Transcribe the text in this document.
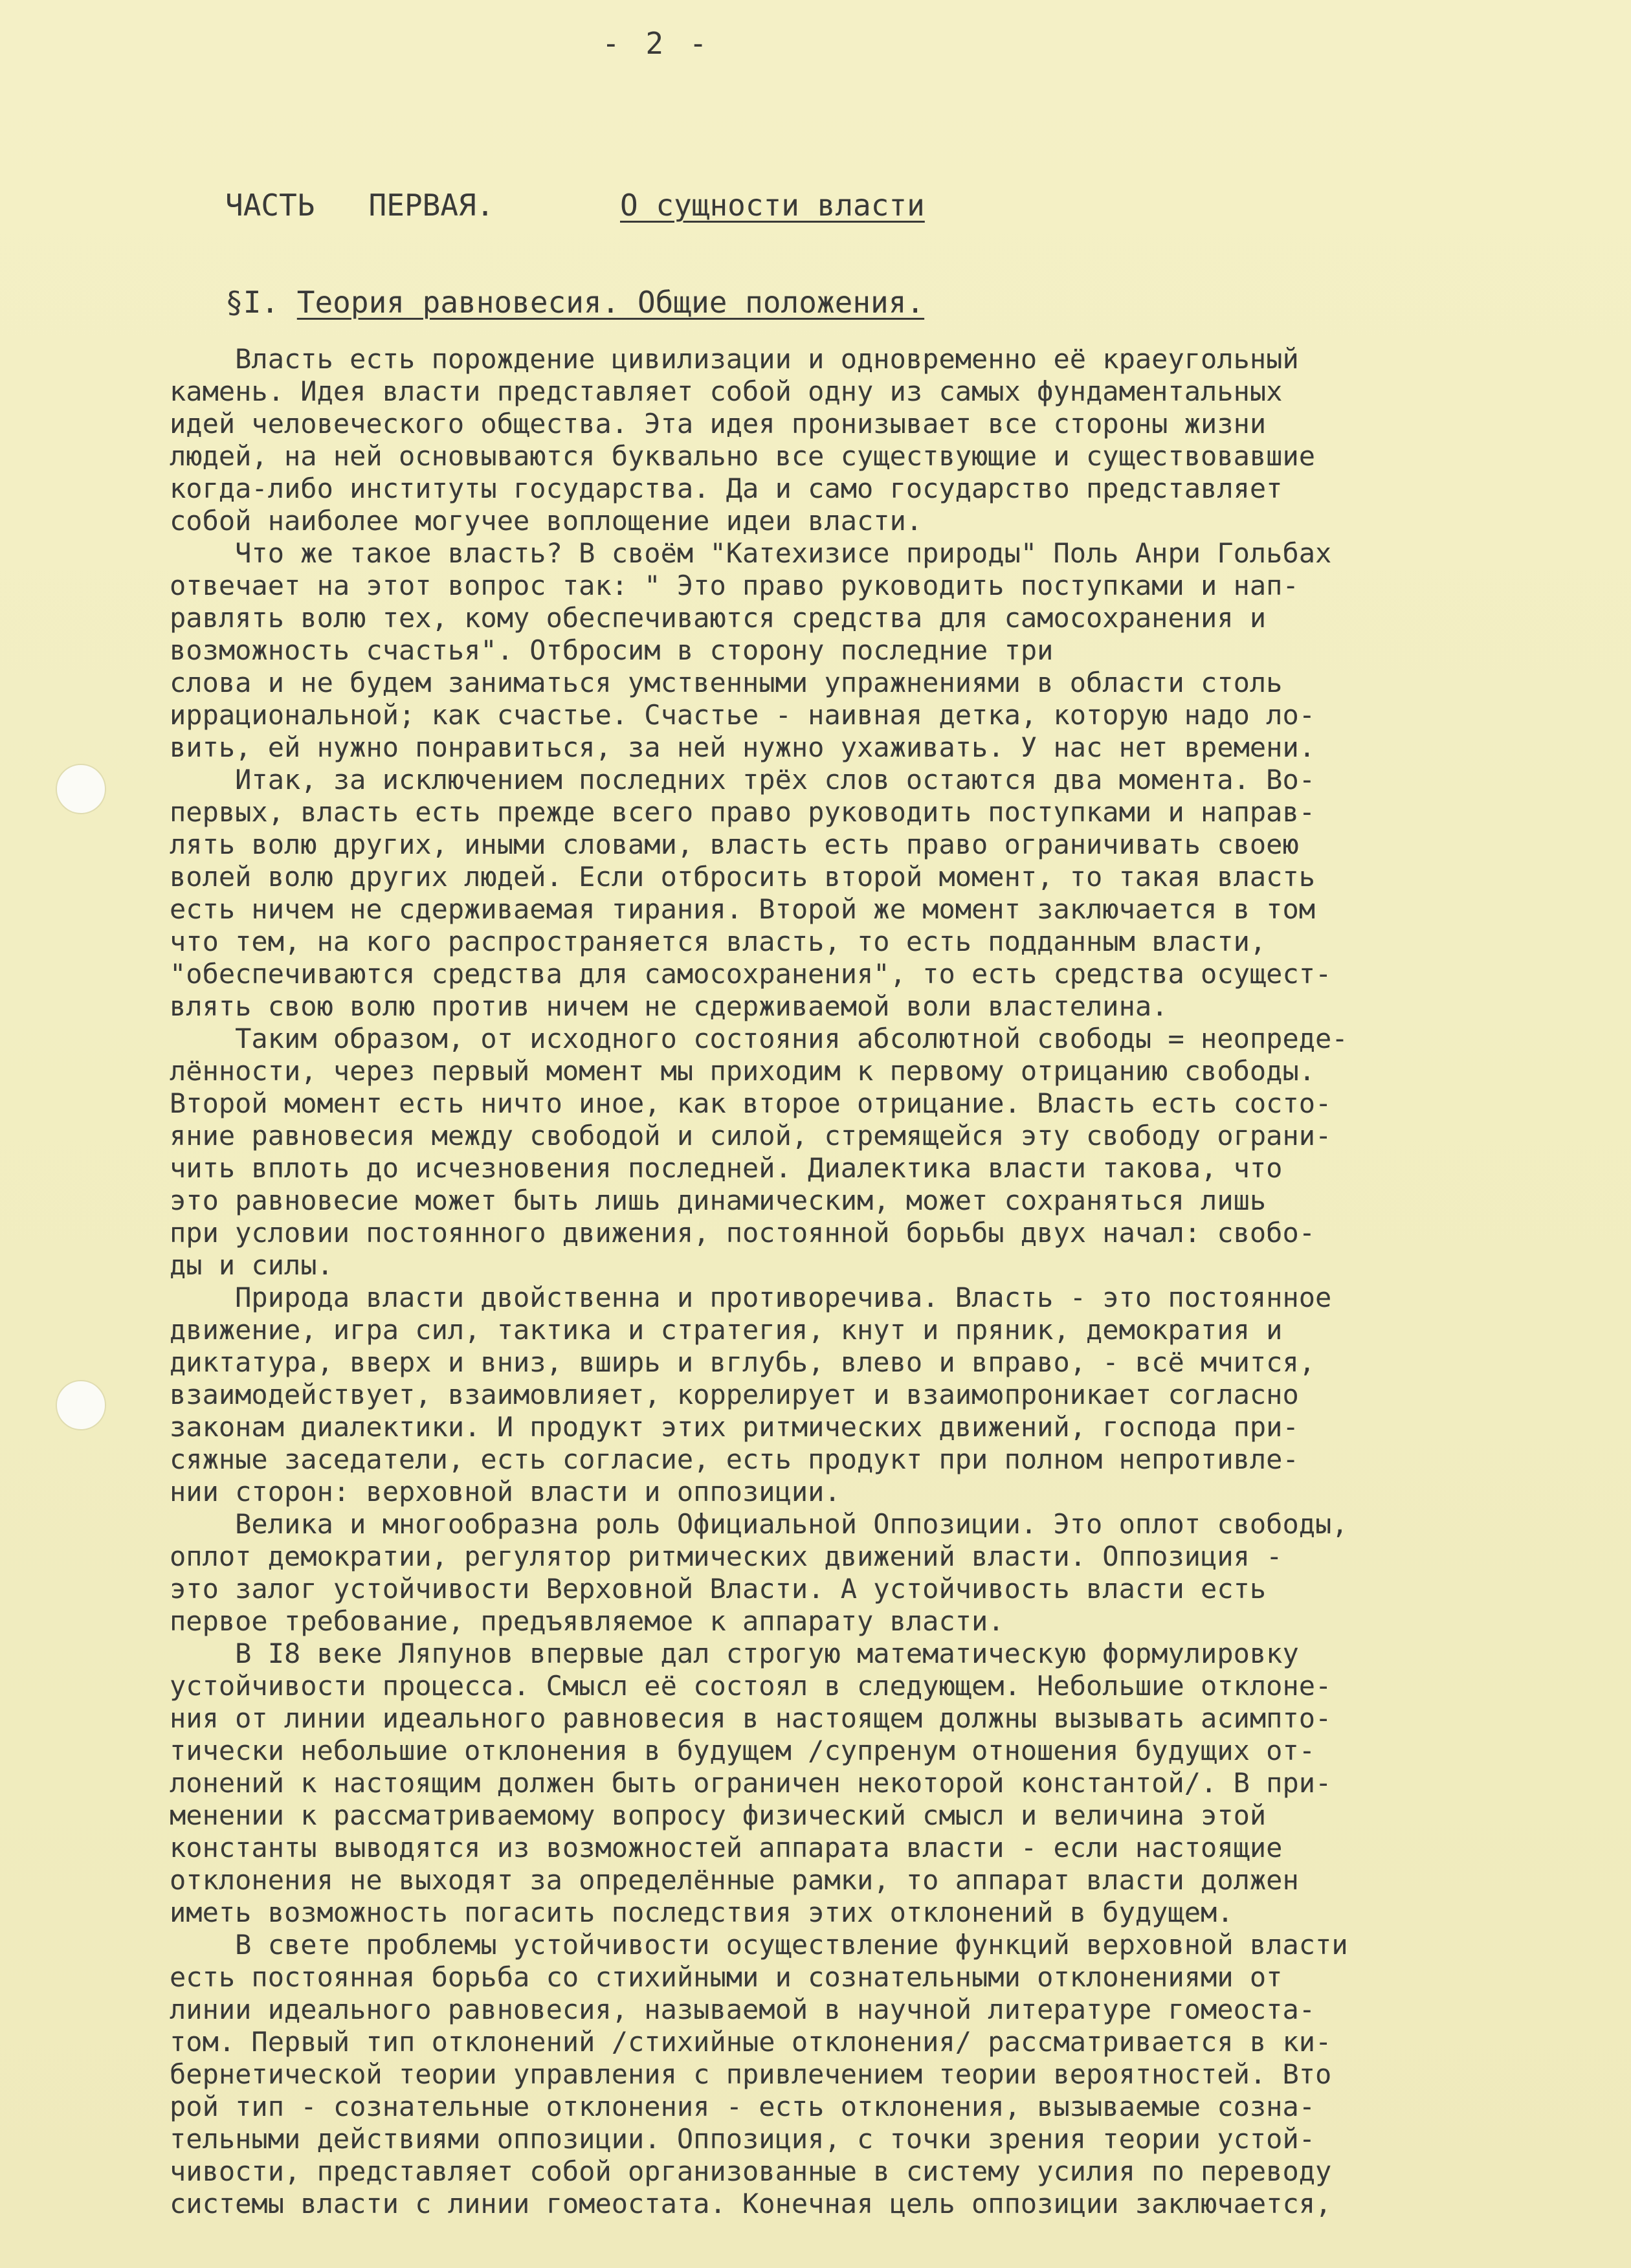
- 2 -
ЧАСТЬ   ПЕРВАЯ.	О сущности власти
§I. Теория равновесия. Общие положения.
Власть есть порождение цивилизации и одновременно её краеугольный
камень. Идея власти представляет собой одну из самых фундаментальных
идей человеческого общества. Эта идея пронизывает все стороны жизни
людей, на ней основываются буквально все существующие и существовавшие
когда-либо институты государства. Да и само государство представляет
собой наиболее могучее воплощение идеи власти.
Что же такое власть? В своём "Катехизисе природы" Поль Анри Гольбах
отвечает на этот вопрос так: " Это право руководить поступками и нап-
равлять волю тех, кому обеспечиваются средства для самосохранения и
возможность счастья". Отбросим в сторону последние три
слова и не будем заниматься умственными упражнениями в области столь
иррациональной; как счастье. Счастье - наивная детка, которую надо ло-
вить, ей нужно понравиться, за ней нужно ухаживать. У нас нет времени.
Итак, за исключением последних трёх слов остаются два момента. Во-
первых, власть есть прежде всего право руководить поступками и направ-
лять волю других, иными словами, власть есть право ограничивать своею
волей волю других людей. Если отбросить второй момент, то такая власть
есть ничем не сдерживаемая тирания. Второй же момент заключается в том
что тем, на кого распространяется власть, то есть подданным власти,
"обеспечиваются средства для самосохранения", то есть средства осущест-
влять свою волю против ничем не сдерживаемой воли властелина.
Таким образом, от исходного состояния абсолютной свободы = неопреде-
лённости, через первый момент мы приходим к первому отрицанию свободы.
Второй момент есть ничто иное, как второе отрицание. Власть есть состо-
яние равновесия между свободой и силой, стремящейся эту свободу ограни-
чить вплоть до исчезновения последней. Диалектика власти такова, что
это равновесие может быть лишь динамическим, может сохраняться лишь
при условии постоянного движения, постоянной борьбы двух начал: свобо-
ды и силы.
Природа власти двойственна и противоречива. Власть - это постоянное
движение, игра сил, тактика и стратегия, кнут и пряник, демократия и
диктатура, вверх и вниз, вширь и вглубь, влево и вправо, - всё мчится,
взаимодействует, взаимовлияет, коррелирует и взаимопроникает согласно
законам диалектики. И продукт этих ритмических движений, господа при-
сяжные заседатели, есть согласие, есть продукт при полном непротивлe-
нии сторон: верховной власти и оппозиции.
Велика и многообразна роль Официальной Оппозиции. Это оплот свободы,
оплот демократии, регулятор ритмических движений власти. Оппозиция -
это залог устойчивости Верховной Власти. А устойчивость власти есть
первое требование, предъявляемое к аппарату власти.
В I8 веке Ляпунов впервые дал строгую математическую формулировку
устойчивости процесса. Смысл её состоял в следующем. Небольшие отклоне-
ния от линии идеального равновесия в настоящем должны вызывать асимпто-
тически небольшие отклонения в будущем /супренум отношения будущих от-
лонений к настоящим должен быть ограничен некоторой константой/. В при-
менении к рассматриваемому вопросу физический смысл и величина этой
константы выводятся из возможностей аппарата власти - если настоящие
отклонения не выходят за определённые рамки, то аппарат власти должен
иметь возможность погасить последствия этих отклонений в будущем.
В свете проблемы устойчивости осуществление функций верховной власти
есть постоянная борьба со стихийными и сознательными отклонениями от
линии идеального равновесия, называемой в научной литературе гомеоста-
том. Первый тип отклонений /стихийные отклонения/ рассматривается в ки-
бернетической теории управления с привлечением теории вероятностей. Вто
рой тип - сознательные отклонения - есть отклонения, вызываемые созна-
тельными действиями оппозиции. Оппозиция, с точки зрения теории устой-
чивости, представляет собой организованные в систему усилия по переводу
системы власти с линии гомеостата. Конечная цель оппозиции заключается,
